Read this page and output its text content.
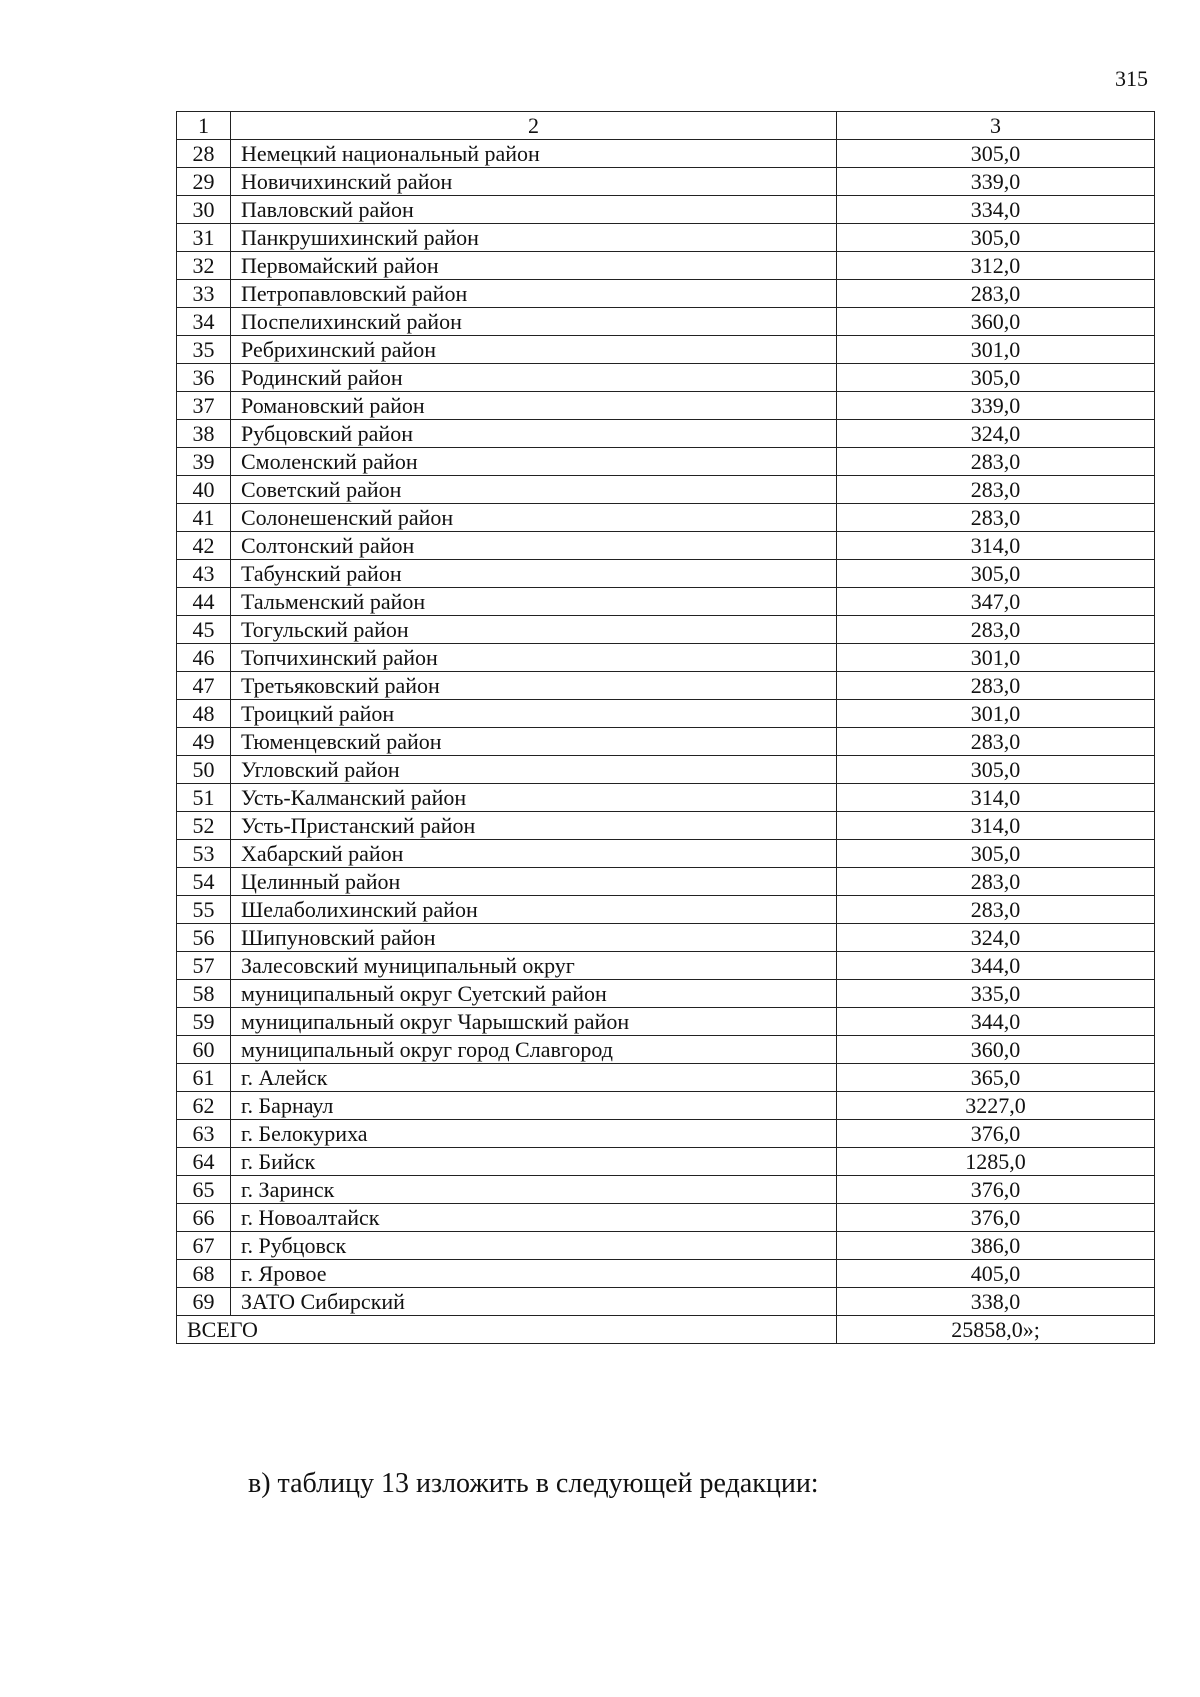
315
1	2	3
28	Немецкий национальный район	305,0
29	Новичихинский район	339,0
30	Павловский район	334,0
31	Панкрушихинский район	305,0
32	Первомайский район	312,0
33	Петропавловский район	283,0
34	Поспелихинский район	360,0
35	Ребрихинский район	301,0
36	Родинский район	305,0
37	Романовский район	339,0
38	Рубцовский район	324,0
39	Смоленский район	283,0
40	Советский район	283,0
41	Солонешенский район	283,0
42	Солтонский район	314,0
43	Табунский район	305,0
44	Тальменский район	347,0
45	Тогульский район	283,0
46	Топчихинский район	301,0
47	Третьяковский район	283,0
48	Троицкий район	301,0
49	Тюменцевский район	283,0
50	Угловский район	305,0
51	Усть-Калманский район	314,0
52	Усть-Пристанский район	314,0
53	Хабарский район	305,0
54	Целинный район	283,0
55	Шелаболихинский район	283,0
56	Шипуновский район	324,0
57	Залесовский муниципальный округ	344,0
58	муниципальный округ Суетский район	335,0
59	муниципальный округ Чарышский район	344,0
60	муниципальный округ город Славгород	360,0
61	г. Алейск	365,0
62	г. Барнаул	3227,0
63	г. Белокуриха	376,0
64	г. Бийск	1285,0
65	г. Заринск	376,0
66	г. Новоалтайск	376,0
67	г. Рубцовск	386,0
68	г. Яровое	405,0
69	ЗАТО Сибирский	338,0
ВСЕГО		25858,0»;
в) таблицу 13 изложить в следующей редакции:
